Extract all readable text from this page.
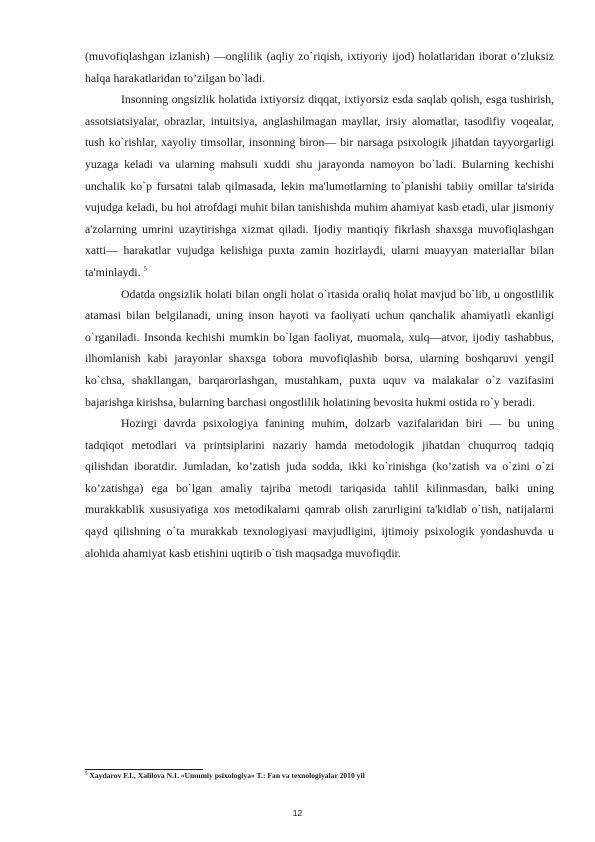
(muvofiqlashgan izlanish) —onglilik (aqliy zo`riqish, ixtiyoriy ijod) holatlaridan iborat o’zluksiz halqa harakatlaridan to’zilgan bo`ladi.

Insonning ongsizlik holatida ixtiyorsiz diqqat, ixtiyorsiz esda saqlab qolish, esga tushirish, assotsiatsiyalar, obrazlar, intuitsiya, anglashilmagan mayllar, irsiy alomatlar, tasodifiy voqealar, tush ko`rishlar, xayoliy timsollar, insonning biron— bir narsaga psixologik jihatdan tayyorgarligi yuzaga keladi va ularning mahsuli xuddi shu jarayonda namoyon bo`ladi. Bularning kechishi unchalik ko`p fursatni talab qilmasada, lekin ma'lumotlarning to`planishi tabiiy omillar ta'sirida vujudga keladi, bu hol atrofdagi muhit bilan tanishishda muhim ahamiyat kasb etadi, ular jismoniy a'zolarning umrini uzaytirishga xizmat qiladi. Ijodiy mantiqiy fikrlash shaxsga muvofiqlashgan xatti— harakatlar vujudga kelishiga puxta zamin hozirlaydi, ularni muayyan materiallar bilan ta'minlaydi. $^5$

Odatda ongsizlik holati bilan ongli holat o`rtasida oraliq holat mavjud bo`lib, u ongostlilik atamasi bilan belgilanadi, uning inson hayoti va faoliyati uchun qanchalik ahamiyatli ekanligi o`rganiladi. Insonda kechishi mumkin bo`lgan faoliyat, muomala, xulq—atvor, ijodiy tashabbus, ilhomlanish kabi jarayonlar shaxsga tobora muvofiqlashib borsa, ularning boshqaruvi yengil ko`chsa, shakllangan, barqarorlashgan, mustahkam, puxta uquv va malakalar o`z vazifasini bajarishga kirishsa, bularning barchasi ongostlilik holatining bevosita hukmi ostida ro`y beradi.

Hozirgi davrda psixologiya fanining muhim, dolzarb vazifalaridan biri — bu uning tadqiqot metodlari va printsiplarini nazariy hamda metodologik jihatdan chuqurroq tadqiq qilishdan iboratdir. Jumladan, ko’zatish juda sodda, ikki ko`rinishga (ko’zatish va o`zini o`zi ko’zatishga) ega bo`lgan amaliy tajriba metodi tariqasida tahlil kilinmasdan, balki uning murakkablik xususiyatiga xos metodikalarni qamrab olish zarurligini ta'kidlab o`tish, natijalarni qayd qilishning o`ta murakkab texnologiyasi mavjudligini, ijtimoiy psixologik yondashuvda u alohida ahamiyat kasb etishini uqtirib o`tish maqsadga muvofiqdir.

$^5$ Xaydarov F.I., Xalilova N.I. «Umumiy psixologiya» T.: Fan va texnologiyalar 2010 yil
12
